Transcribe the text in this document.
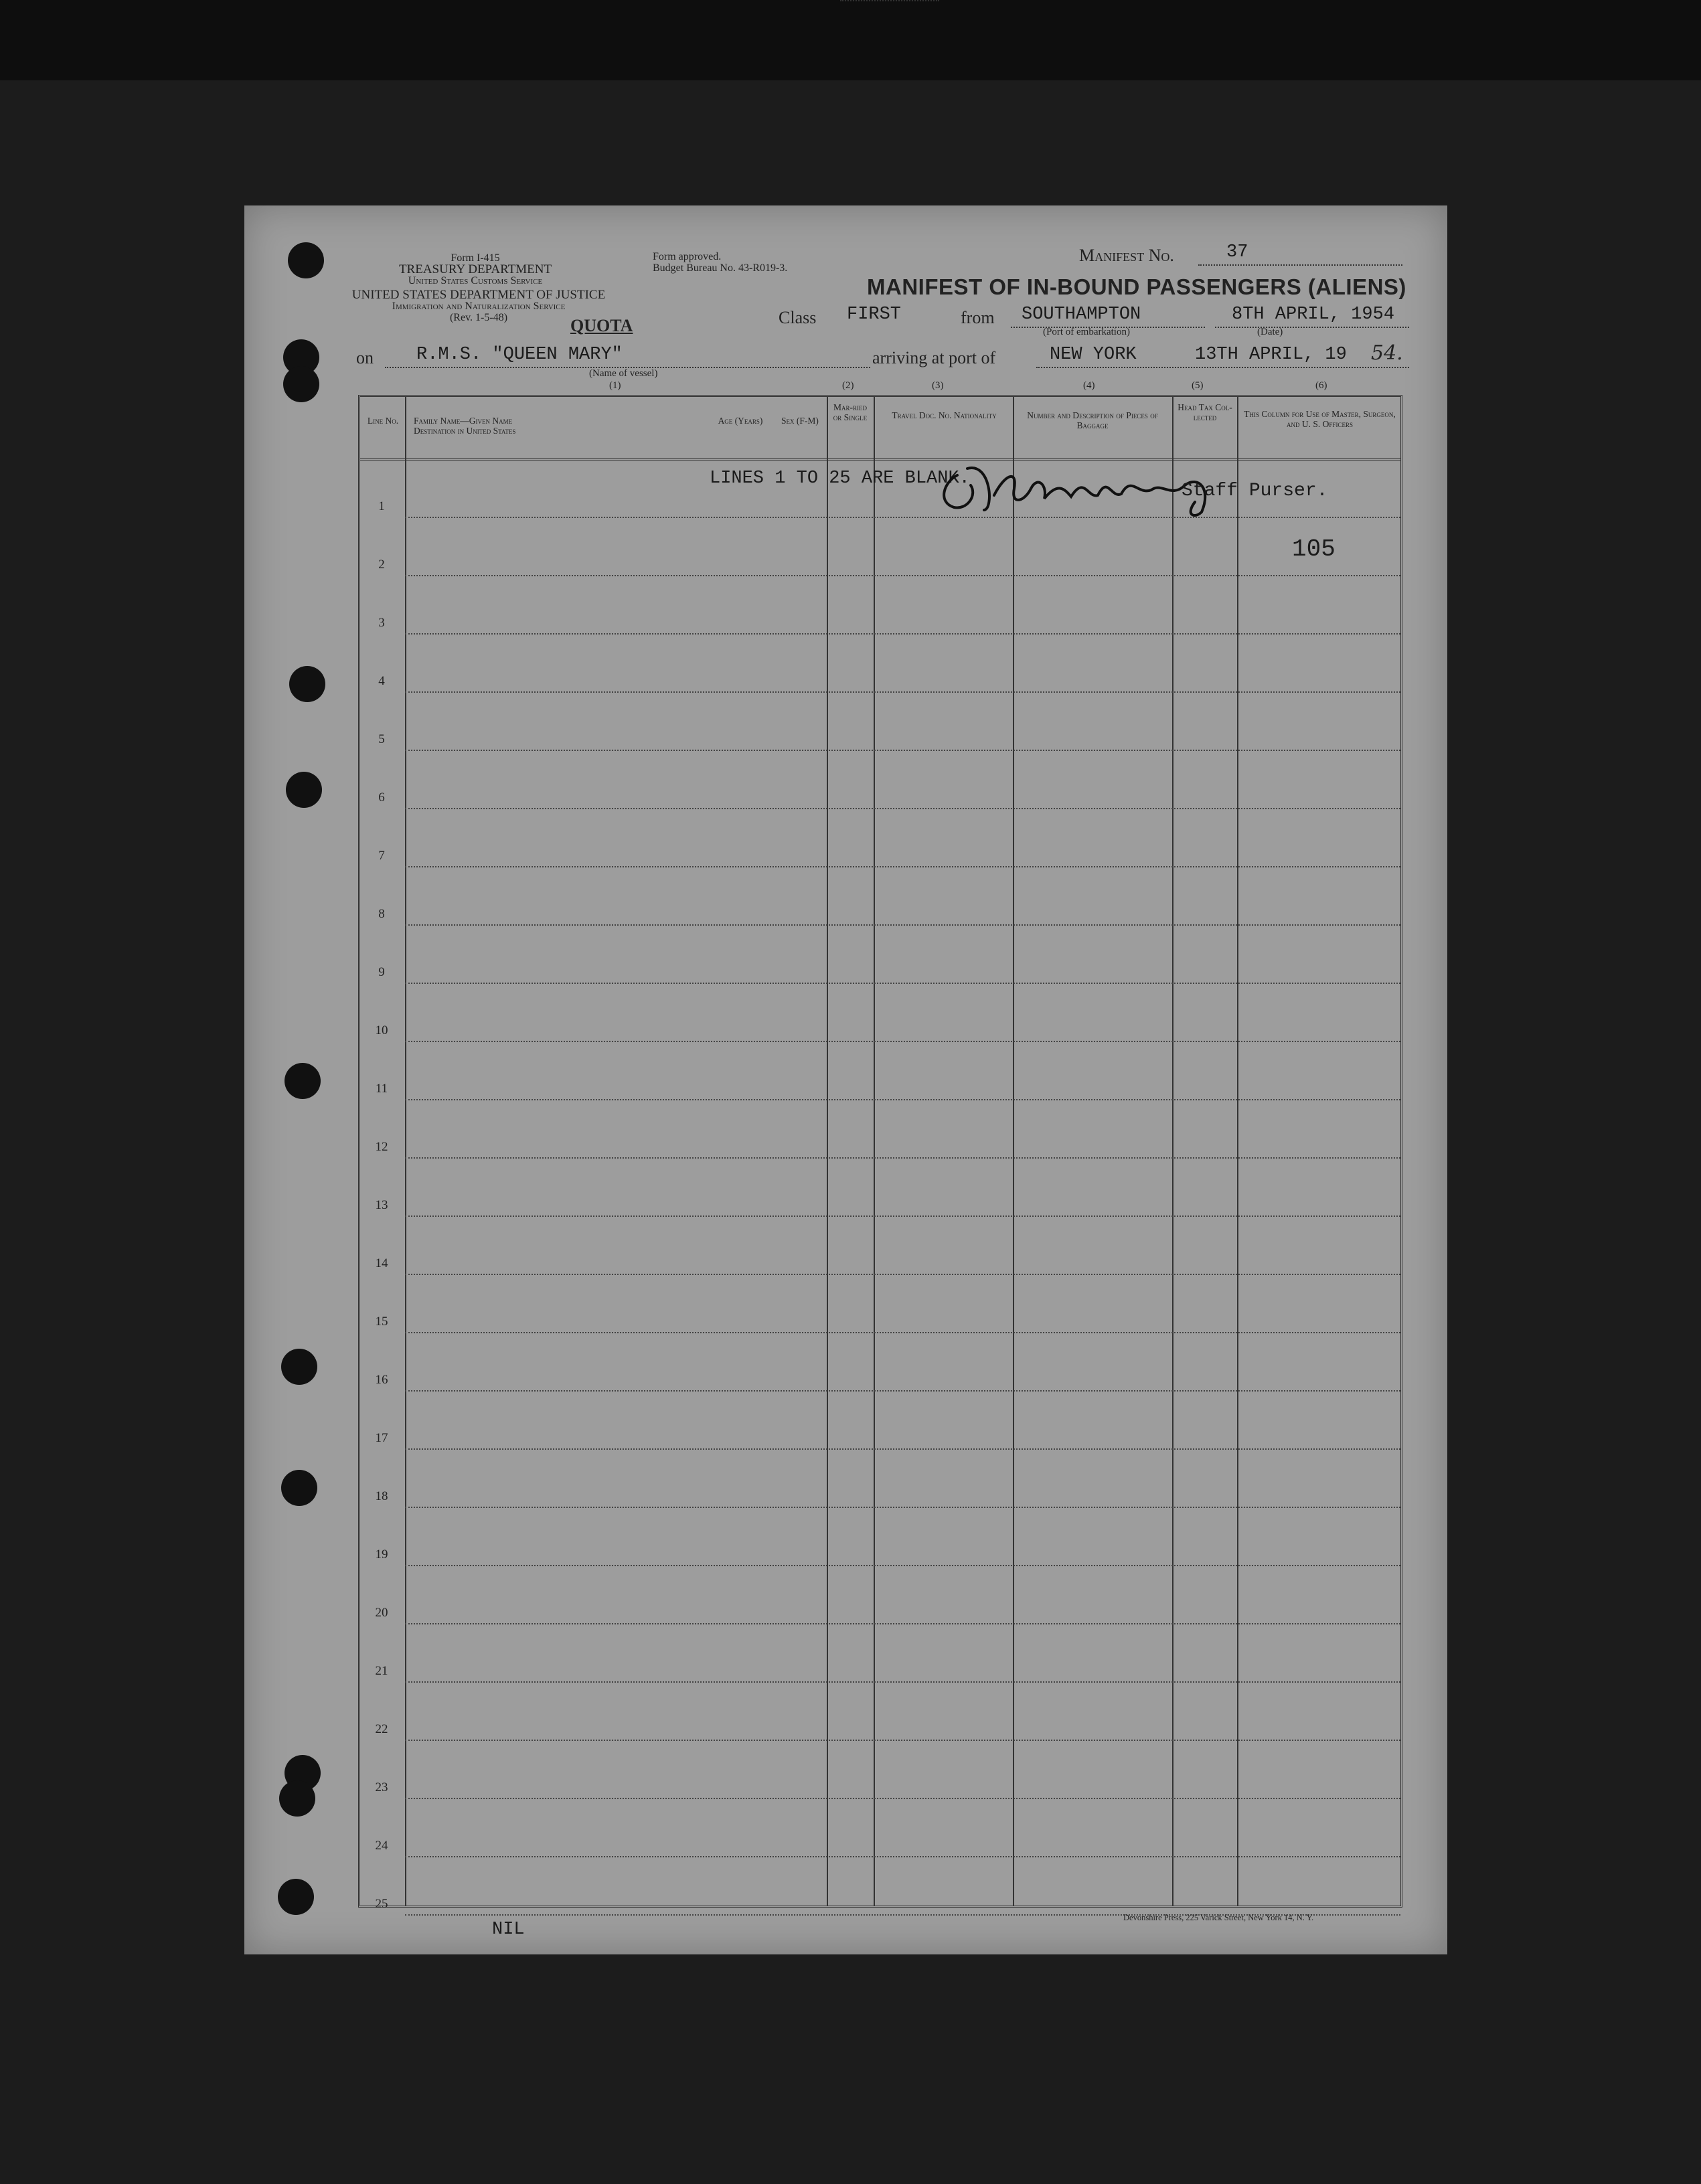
Form I-415
TREASURY DEPARTMENT
United States Customs Service
UNITED STATES DEPARTMENT OF JUSTICE
Immigration and Naturalization Service
(Rev. 1-5-48)	QUOTA
Form approved.
Budget Bureau No. 43-R019-3.
Manifest No.	37
MANIFEST OF IN-BOUND PASSENGERS (ALIENS)
Class FIRST	from SOUTHAMPTON
(Port of embarkation)
8TH APRIL, 1954
(Date)
on R.M.S. "QUEEN MARY"
(Name of vessel)
arriving at port of	NEW YORK	13TH APRIL, 19 54.
(1)	(2)	(3)	(4)	(5)	(6)
Line No.	Family Name—Given Name
Destination in United States
Age (Years)	Sex (F-M)
Mar-ried or Single	Travel Doc. No. Nationality	Number and Description of Pieces of Baggage
Head Tax Col-lected	This Column for Use of Master, Surgeon, and U. S. Officers
1
2
3
4
5
6
7
8
9
10
11
12
13
14
15
16
17
18
19
20
21
22
23
24
25
LINES 1 TO 25 ARE BLANK.
Staff Purser.
105
NIL
Devonshire Press, 225 Varick Street, New York 14, N. Y.
